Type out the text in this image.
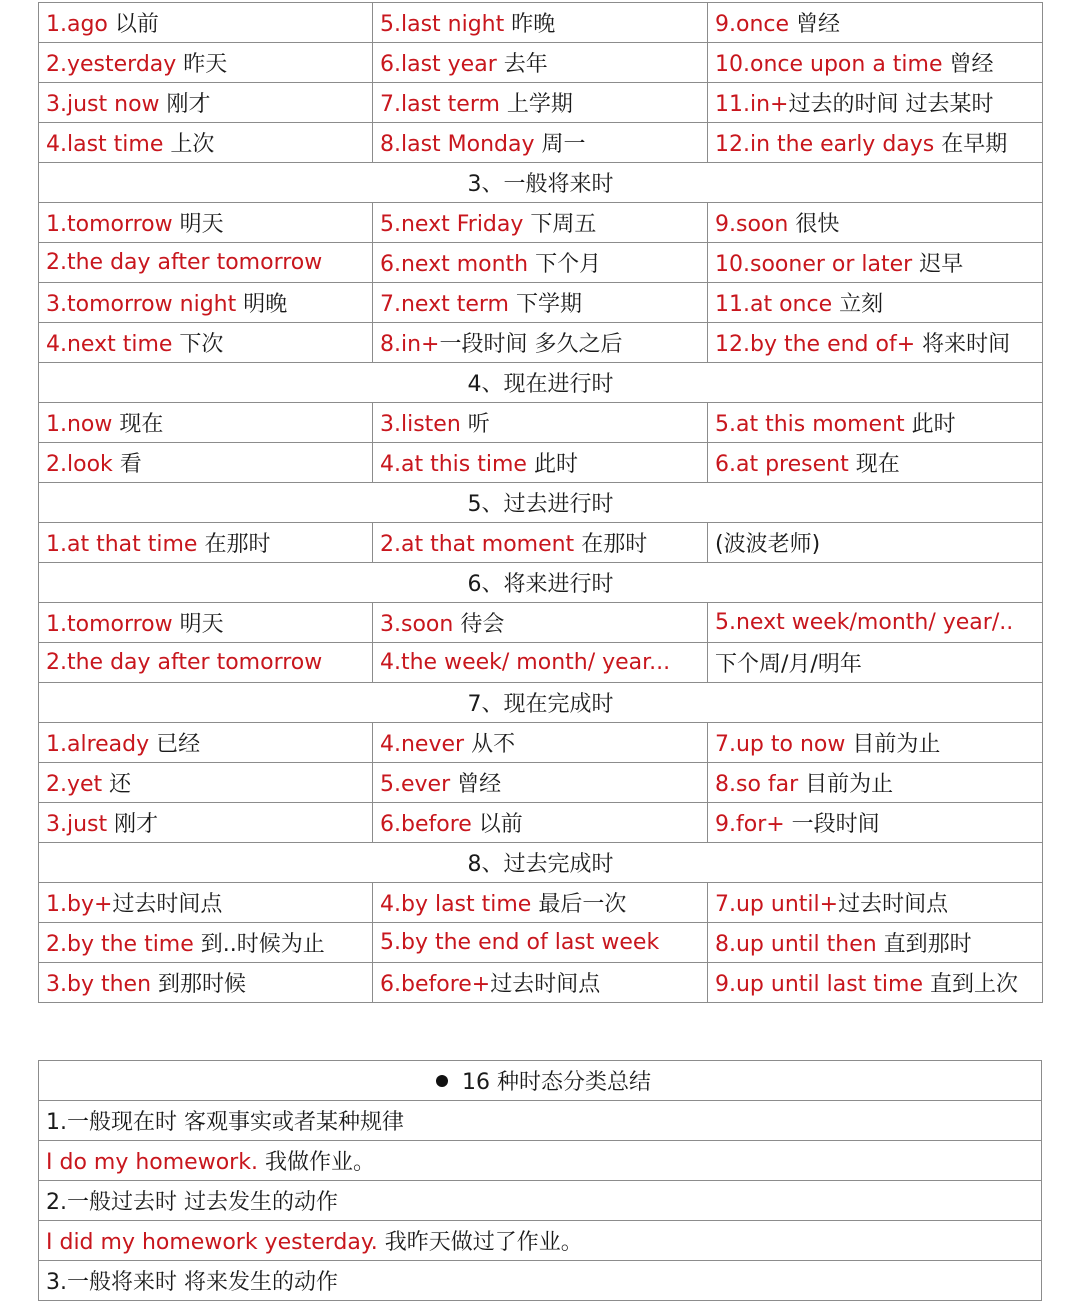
1.ago 以前	5.last night 昨晚	9.once 曾经
2.yesterday 昨天	6.last year 去年	10.once upon a time 曾经
3.just now 刚才	7.last term 上学期	11.in+过去的时间 过去某时
4.last time 上次	8.last Monday 周一	12.in the early days 在早期
3、一般将来时		
1.tomorrow 明天	5.next Friday 下周五	9.soon 很快
2.the day after tomorrow	6.next month 下个月	10.sooner or later 迟早
3.tomorrow night 明晚	7.next term 下学期	11.at once 立刻
4.next time 下次	8.in+一段时间 多久之后	12.by the end of+ 将来时间
4、现在进行时		
1.now 现在	3.listen 听	5.at this moment 此时
2.look 看	4.at this time 此时	6.at present 现在
5、过去进行时		
1.at that time 在那时	2.at that moment 在那时	(波波老师)
6、将来进行时		
1.tomorrow 明天	3.soon 待会	5.next week/month/ year/..
2.the day after tomorrow	4.the week/ month/ year...	下个周/月/明年
7、现在完成时		
1.already 已经	4.never 从不	7.up to now 目前为止
2.yet 还	5.ever 曾经	8.so far 目前为止
3.just 刚才	6.before 以前	9.for+ 一段时间
8、过去完成时		
1.by+过去时间点	4.by last time 最后一次	7.up until+过去时间点
2.by the time 到..时候为止	5.by the end of last week	8.up until then 直到那时
3.by then 到那时候	6.before+过去时间点	9.up until last time 直到上次
16 种时态分类总结
1.一般现在时 客观事实或者某种规律
I do my homework. 我做作业。
2.一般过去时 过去发生的动作
I did my homework yesterday. 我昨天做过了作业。
3.一般将来时 将来发生的动作
